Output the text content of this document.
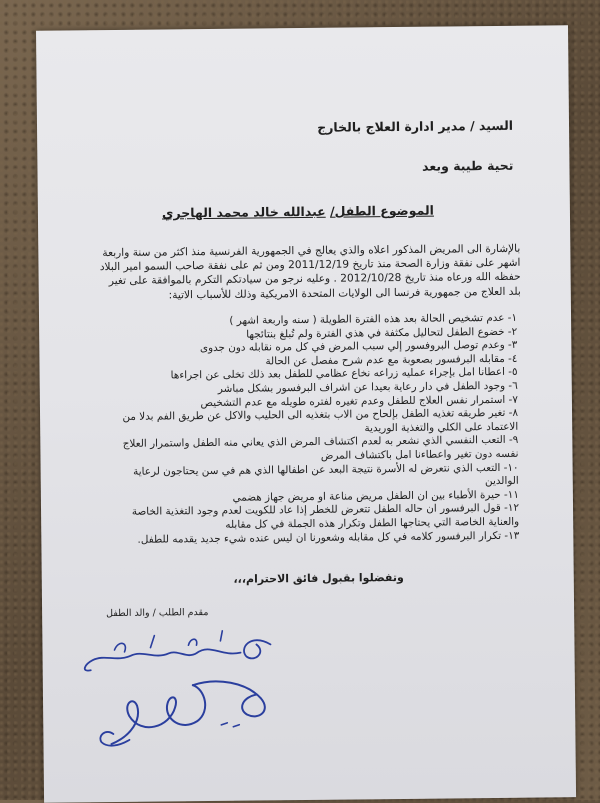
السيد / مدير ادارة العلاج بالخارج
تحية طيبة وبعد
الموضوع الطفل/ عبدالله خالد محمد الهاجري
بالإشارة الى المريض المذكور اعلاه والذي يعالج في الجمهورية الفرنسية منذ اكثر من سنة واربعة اشهر على نفقة وزارة الصحة منذ تاريخ 2011/12/19 ومن ثم على نفقة صاحب السمو امير البلاد حفظه الله ورعاه منذ تاريخ 2012/10/28 . وعليه نرجو من سيادتكم التكرم بالموافقة على تغير بلد العلاج من جمهورية فرنسا الى الولايات المتحدة الامريكية وذلك للأسباب الاتية:
١- عدم تشخيص الحالة بعد هذه الفترة الطويلة ( سنه واربعة اشهر )
٢- خضوع الطفل لتحاليل مكثفة في هذي الفترة ولم تُبلغ بنتائجها
٣- وعدم توصل البروفسور إلي سبب المرض في كل مره نقابله دون جدوى
٤- مقابله البرفسور بصعوبة مع عدم شرح مفصل عن الحالة
٥- اعطانا امل بإجراء عمليه زراعه نخاع عظامي للطفل بعد ذلك تخلى عن اجراءها
٦- وجود الطفل في دار رعاية بعيدا عن اشراف البرفسور بشكل مباشر
٧- استمرار نفس العلاج للطفل وعدم تغيره لفتره طويله مع عدم التشخيص
٨- تغير طريقه تغذيه الطفل بإلحاح من الاب بتغذيه الى الحليب والاكل عن طريق الفم بدلا من الاعتماد على الكلي والتغذية الوريدية
٩- التعب النفسي الذي نشعر به لعدم اكتشاف المرض الذي يعاني منه الطفل واستمرار العلاج نفسه دون تغير واعطاءنا امل باكتشاف المرض
١٠- التعب الذي نتعرض له الأسرة نتيجة البعد عن اطفالها الذي هم في سن يحتاجون لرعاية الوالدين
١١- حيرة الأطباء بين ان الطفل مريض مناعة او مريض جهاز هضمي
١٢- قول البرفسور ان حاله الطفل تتعرض للخطر إذا عاد للكويت لعدم وجود التغذية الخاصة والعناية الخاصة التي يحتاجها الطفل وتكرار هذه الجملة في كل مقابله
١٣- تكرار البرفسور كلامه في كل مقابله وشعورنا ان ليس عنده شيء جديد يقدمه للطفل.
وتفضلوا بقبول فائق الاحترام،،،
مقدم الطلب / والد الطفل
